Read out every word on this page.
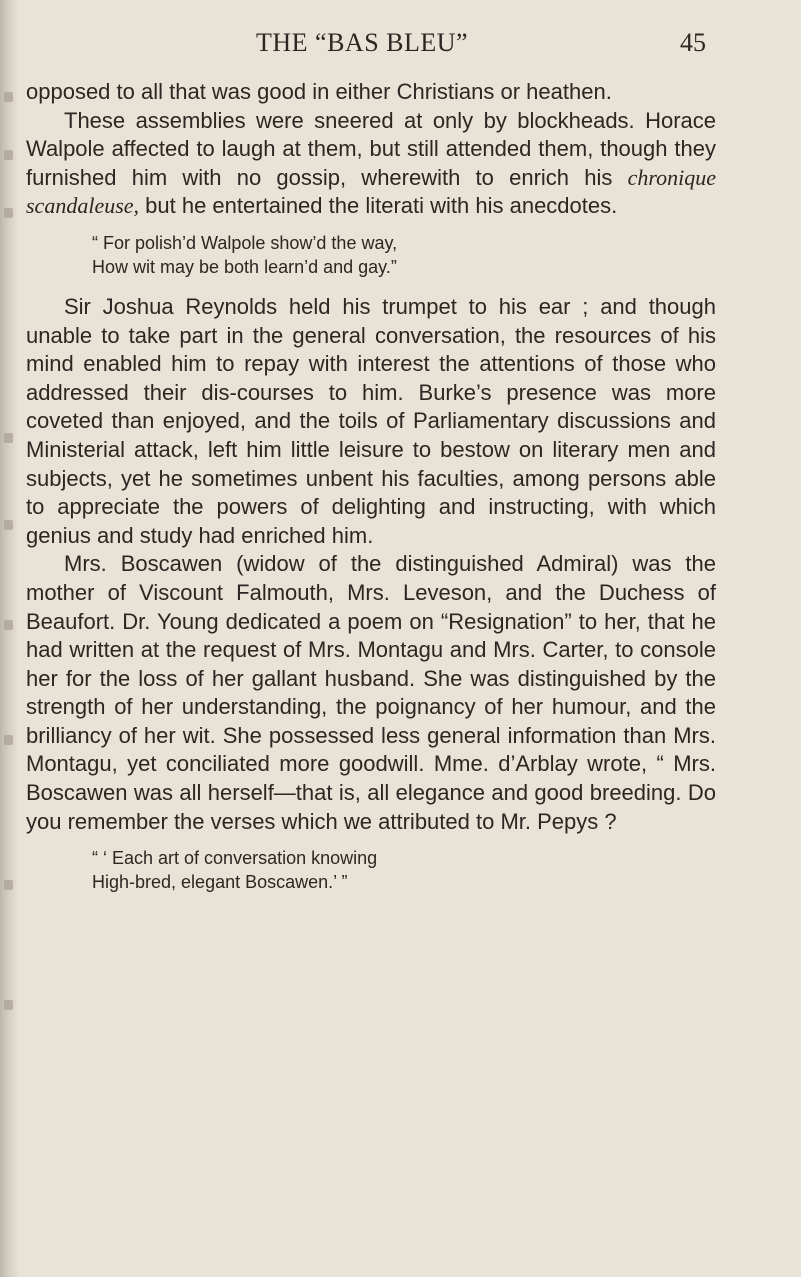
THE “BAS BLEU”	45

opposed to all that was good in either Christians or heathen.

These assemblies were sneered at only by blockheads. Horace Walpole affected to laugh at them, but still attended them, though they furnished him with no gossip, wherewith to enrich his chronique scandaleuse, but he entertained the literati with his anecdotes.

“ For polish’d Walpole show’d the way,
How wit may be both learn’d and gay.”

Sir Joshua Reynolds held his trumpet to his ear ; and though unable to take part in the general conversation, the resources of his mind enabled him to repay with interest the attentions of those who addressed their dis-courses to him. Burke’s presence was more coveted than enjoyed, and the toils of Parliamentary discussions and Ministerial attack, left him little leisure to bestow on literary men and subjects, yet he sometimes unbent his faculties, among persons able to appreciate the powers of delighting and instructing, with which genius and study had enriched him.

Mrs. Boscawen (widow of the distinguished Admiral) was the mother of Viscount Falmouth, Mrs. Leveson, and the Duchess of Beaufort. Dr. Young dedicated a poem on “Resignation” to her, that he had written at the request of Mrs. Montagu and Mrs. Carter, to console her for the loss of her gallant husband. She was distinguished by the strength of her understanding, the poignancy of her humour, and the brilliancy of her wit. She possessed less general information than Mrs. Montagu, yet conciliated more goodwill. Mme. d’Arblay wrote, “ Mrs. Boscawen was all herself—that is, all elegance and good breeding. Do you remember the verses which we attributed to Mr. Pepys ?

“ ‘ Each art of conversation knowing
High-bred, elegant Boscawen.’ ”
